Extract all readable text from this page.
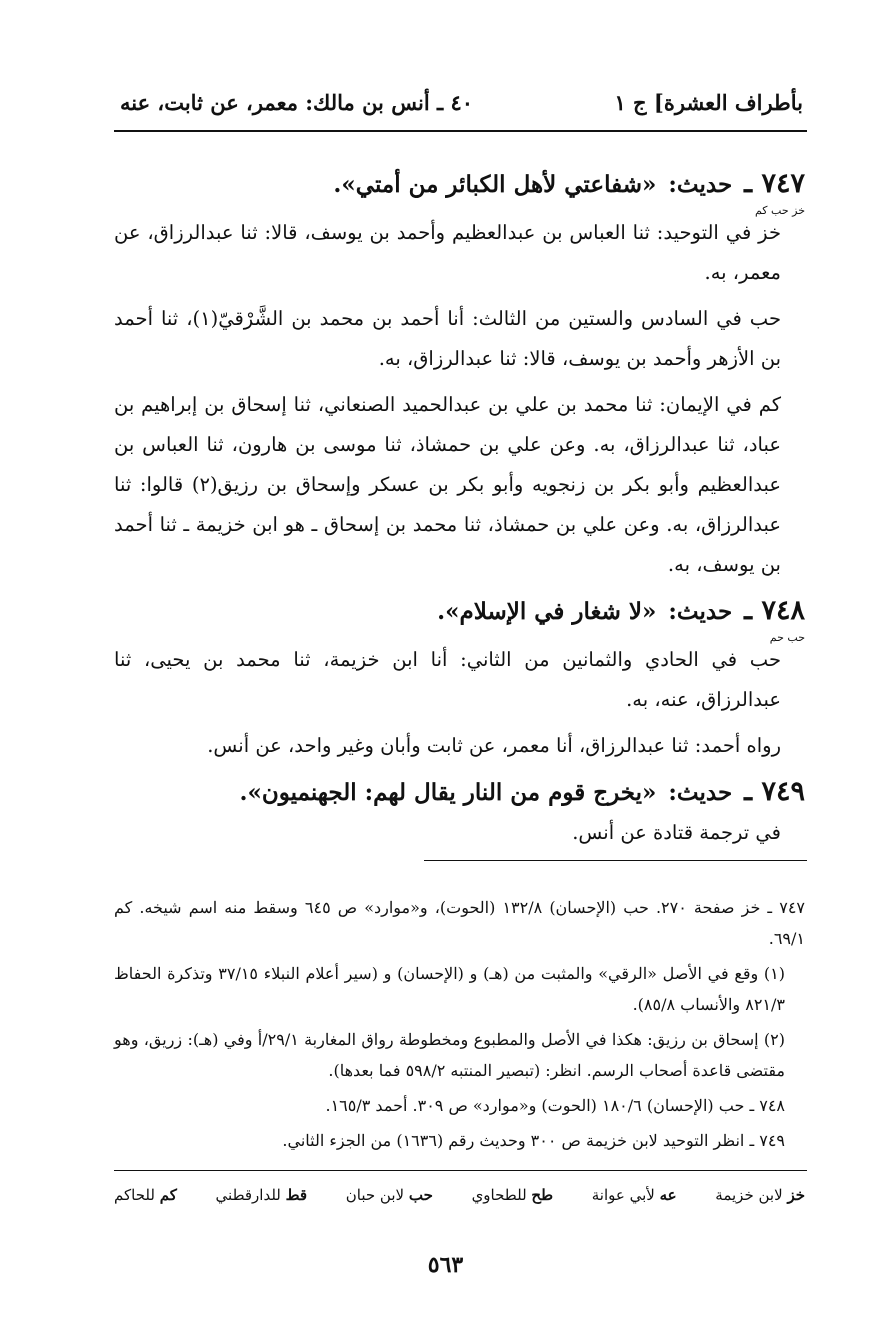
بأطراف العشرة] ج ١
٤٠ ـ أنس بن مالك: معمر، عن ثابت، عنه
٧٤٧ ـ
حديث:
«شفاعتي لأهل الكبائر من أمتي».
خز حب كم

خز في التوحيد: ثنا العباس بن عبدالعظيم وأحمد بن يوسف، قالا: ثنا عبدالرزاق، عن معمر، به.

حب في السادس والستين من الثالث: أنا أحمد بن محمد بن الشَّرْقيّ(١)، ثنا أحمد بن الأزهر وأحمد بن يوسف، قالا: ثنا عبدالرزاق، به.

كم في الإيمان: ثنا محمد بن علي بن عبدالحميد الصنعاني، ثنا إسحاق بن إبراهيم بن عباد، ثنا عبدالرزاق، به. وعن علي بن حمشاذ، ثنا موسى بن هارون، ثنا العباس بن عبدالعظيم وأبو بكر بن زنجويه وأبو بكر بن عسكر وإسحاق بن رزيق(٢) قالوا: ثنا عبدالرزاق، به. وعن علي بن حمشاذ، ثنا محمد بن إسحاق ـ هو ابن خزيمة ـ ثنا أحمد بن يوسف، به.

٧٤٨ ـ
حديث:
«لا شغار في الإسلام».
حب حم

حب في الحادي والثمانين من الثاني: أنا ابن خزيمة، ثنا محمد بن يحيى، ثنا عبدالرزاق، عنه، به.

رواه أحمد: ثنا عبدالرزاق، أنا معمر، عن ثابت وأبان وغير واحد، عن أنس.

٧٤٩ ـ
حديث:
«يخرج قوم من النار يقال لهم: الجهنميون».

في ترجمة قتادة عن أنس.

٧٤٧ ـ خز صفحة ٢٧٠. حب (الإحسان) ١٣٢/٨ (الحوت)، و«موارد» ص ٦٤٥ وسقط منه اسم شيخه. كم ٦٩/١.

(١) وقع في الأصل «الرقي» والمثبت من (هـ) و (الإحسان) و (سير أعلام النبلاء ٣٧/١٥ وتذكرة الحفاظ ٨٢١/٣ والأنساب ٨٥/٨).

(٢) إسحاق بن رزيق: هكذا في الأصل والمطبوع ومخطوطة رواق المغاربة ٢٩/١/أ وفي (هـ): زريق، وهو مقتضى قاعدة أصحاب الرسم. انظر: (تبصير المنتبه ٥٩٨/٢ فما بعدها).

٧٤٨ ـ حب (الإحسان) ١٨٠/٦ (الحوت) و«موارد» ص ٣٠٩. أحمد ١٦٥/٣.

٧٤٩ ـ انظر التوحيد لابن خزيمة ص ٣٠٠ وحديث رقم (١٦٣٦) من الجزء الثاني.

خز لابن خزيمة
عه لأبي عوانة
طح للطحاوي
حب لابن حبان
قط للدارقطني
كم للحاكم
٥٦٣
